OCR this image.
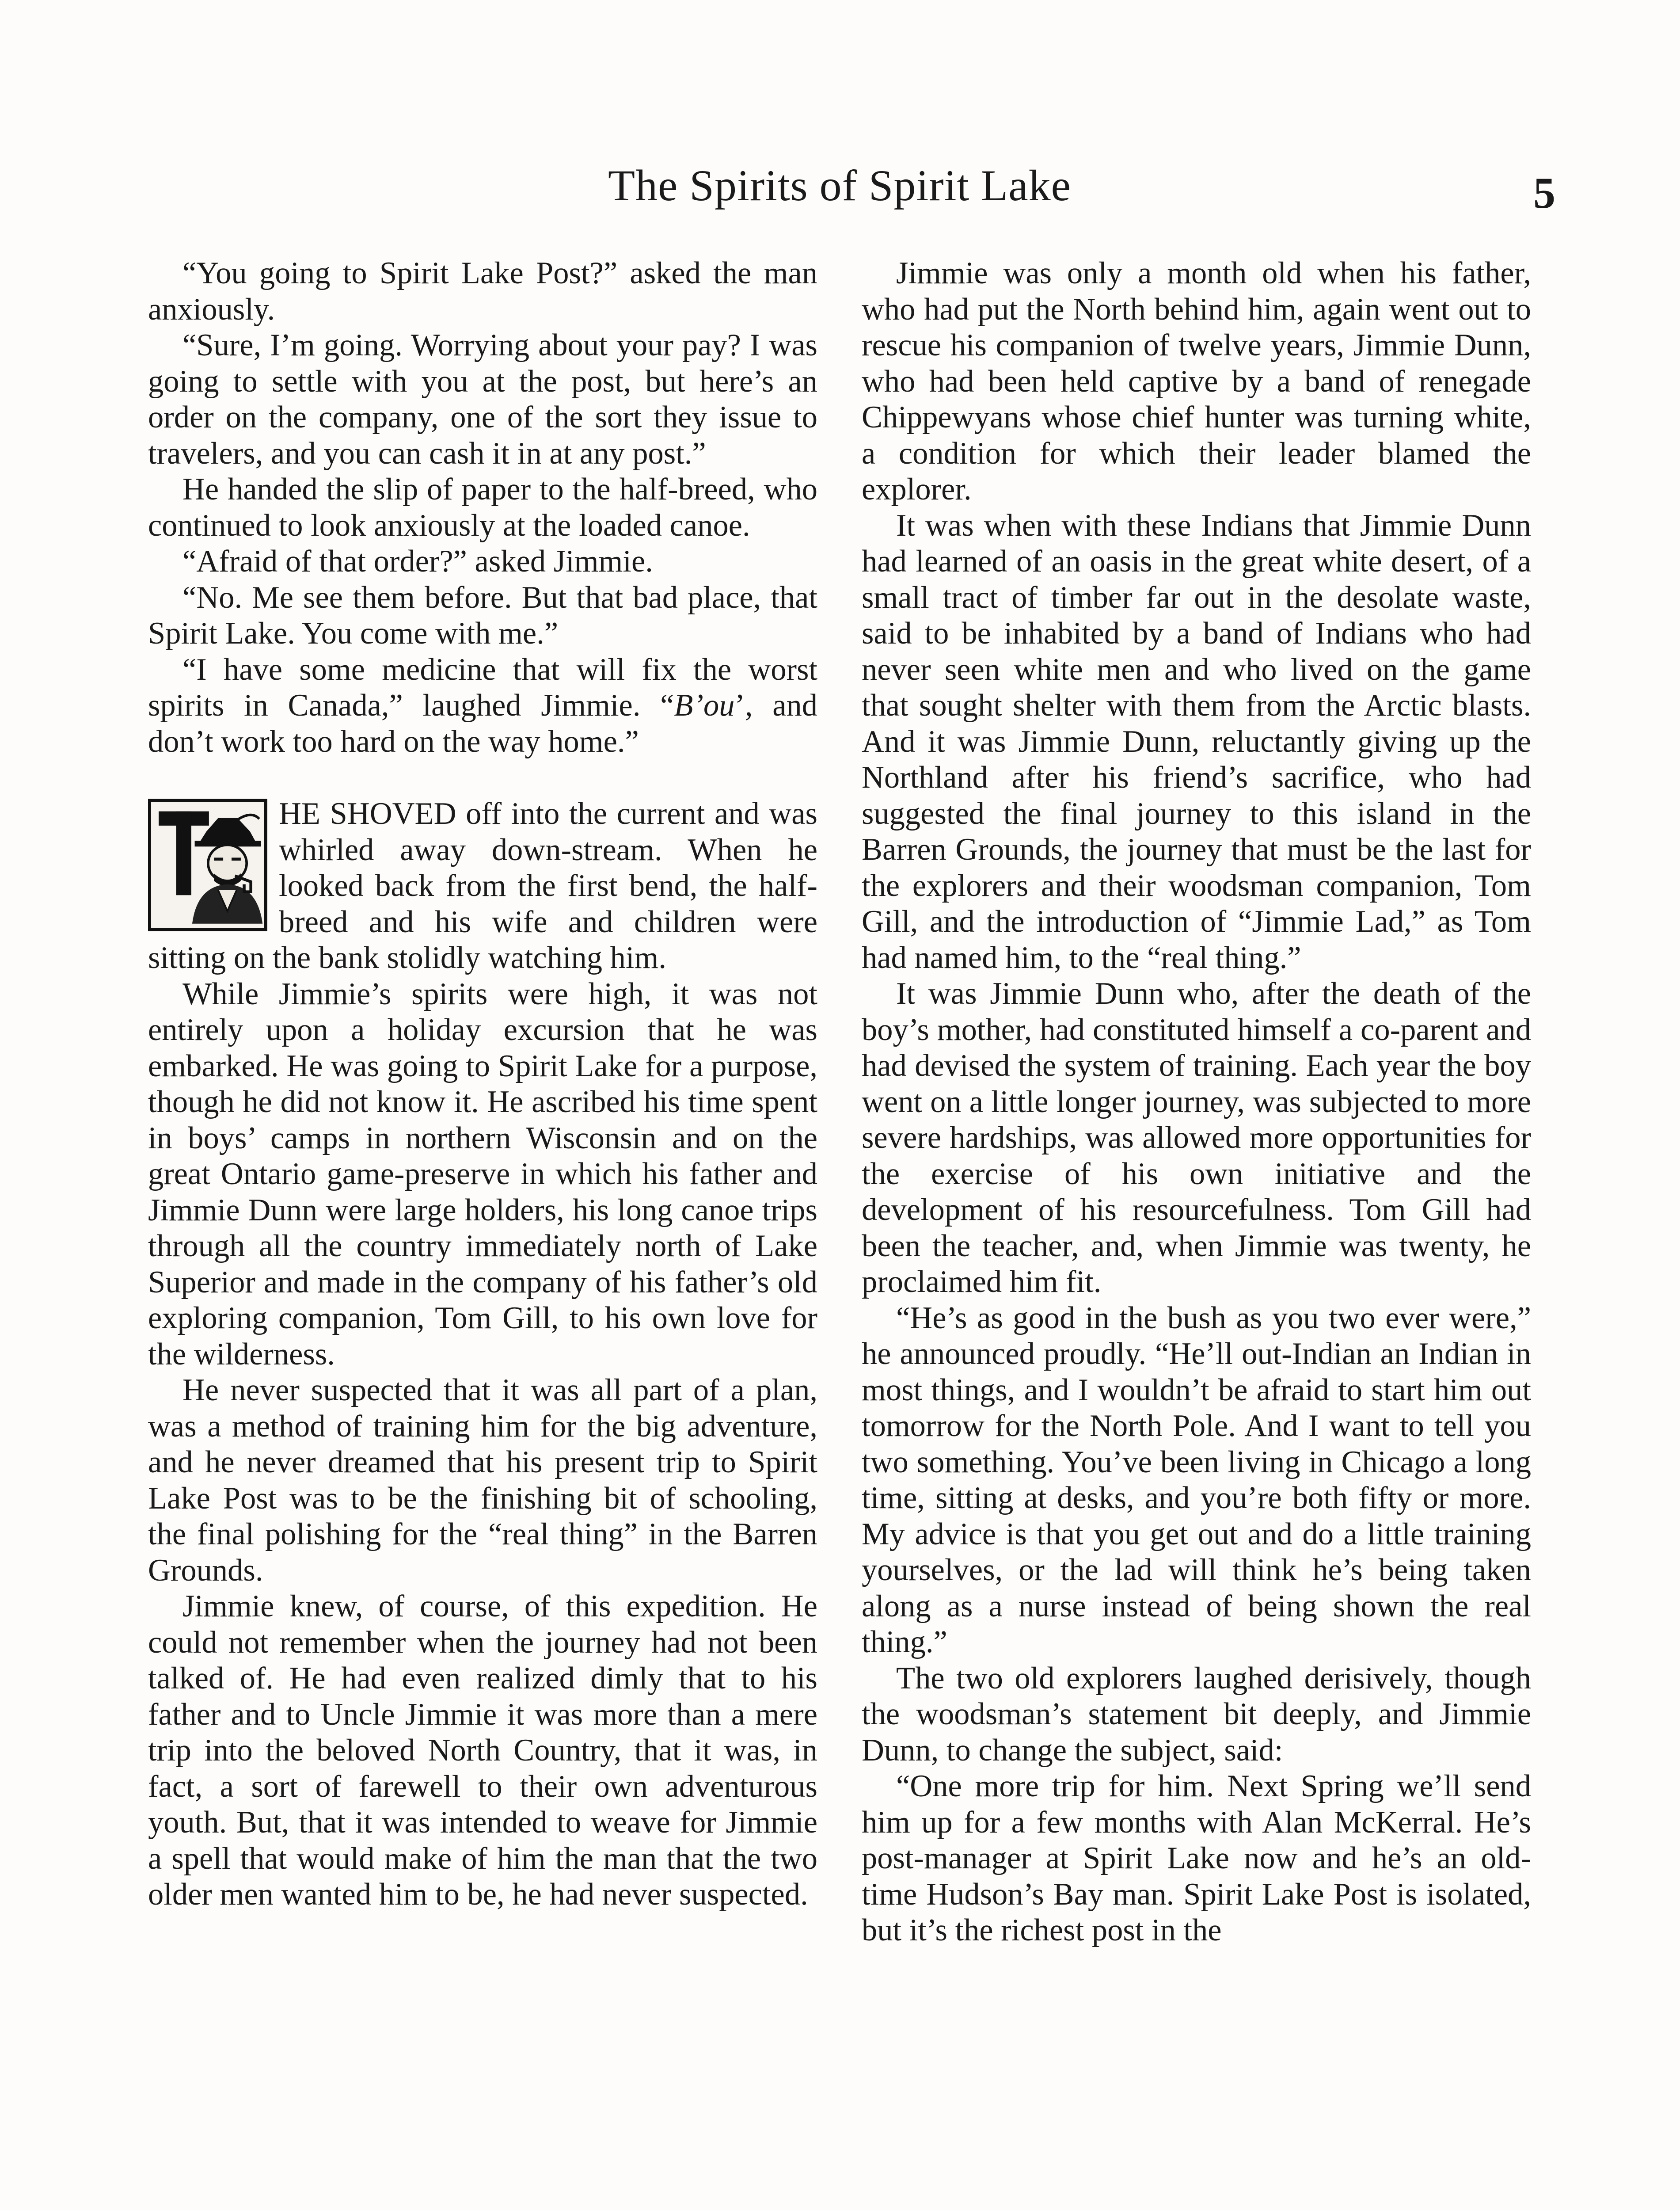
The Spirits of Spirit Lake	5

“You going to Spirit Lake Post?” asked the man anxiously.

“Sure, I’m going. Worrying about your pay? I was going to settle with you at the post, but here’s an order on the company, one of the sort they issue to travelers, and you can cash it in at any post.”

He handed the slip of paper to the half-breed, who continued to look anxiously at the loaded canoe.

“Afraid of that order?” asked Jimmie.

“No. Me see them before. But that bad place, that Spirit Lake. You come with me.”

“I have some medicine that will fix the worst spirits in Canada,” laughed Jimmie. “B’ou’, and don’t work too hard on the way home.”

HE SHOVED off into the current and was whirled away down-stream. When he looked back from the first bend, the half-breed and his wife and children were sitting on the bank stolidly watching him.

While Jimmie’s spirits were high, it was not entirely upon a holiday excursion that he was embarked. He was going to Spirit Lake for a purpose, though he did not know it. He ascribed his time spent in boys’ camps in northern Wisconsin and on the great Ontario game-preserve in which his father and Jimmie Dunn were large holders, his long canoe trips through all the country immediately north of Lake Superior and made in the company of his father’s old exploring companion, Tom Gill, to his own love for the wilderness.

He never suspected that it was all part of a plan, was a method of training him for the big adventure, and he never dreamed that his present trip to Spirit Lake Post was to be the finishing bit of schooling, the final polishing for the “real thing” in the Barren Grounds.

Jimmie knew, of course, of this expedition. He could not remember when the journey had not been talked of. He had even realized dimly that to his father and to Uncle Jimmie it was more than a mere trip into the beloved North Country, that it was, in fact, a sort of farewell to their own adventurous youth. But, that it was intended to weave for Jimmie a spell that would make of him the man that the two older men wanted him to be, he had never suspected.

Jimmie was only a month old when his father, who had put the North behind him, again went out to rescue his companion of twelve years, Jimmie Dunn, who had been held captive by a band of renegade Chippewyans whose chief hunter was turning white, a condition for which their leader blamed the explorer.

It was when with these Indians that Jimmie Dunn had learned of an oasis in the great white desert, of a small tract of timber far out in the desolate waste, said to be inhabited by a band of Indians who had never seen white men and who lived on the game that sought shelter with them from the Arctic blasts. And it was Jimmie Dunn, reluctantly giving up the Northland after his friend’s sacrifice, who had suggested the final journey to this island in the Barren Grounds, the journey that must be the last for the explorers and their woodsman companion, Tom Gill, and the introduction of “Jimmie Lad,” as Tom had named him, to the “real thing.”

It was Jimmie Dunn who, after the death of the boy’s mother, had constituted himself a co-parent and had devised the system of training. Each year the boy went on a little longer journey, was subjected to more severe hardships, was allowed more opportunities for the exercise of his own initiative and the development of his resourcefulness. Tom Gill had been the teacher, and, when Jimmie was twenty, he proclaimed him fit.

“He’s as good in the bush as you two ever were,” he announced proudly. “He’ll out-Indian an Indian in most things, and I wouldn’t be afraid to start him out tomorrow for the North Pole. And I want to tell you two something. You’ve been living in Chicago a long time, sitting at desks, and you’re both fifty or more. My advice is that you get out and do a little training yourselves, or the lad will think he’s being taken along as a nurse instead of being shown the real thing.”

The two old explorers laughed derisively, though the woodsman’s statement bit deeply, and Jimmie Dunn, to change the subject, said:

“One more trip for him. Next Spring we’ll send him up for a few months with Alan McKerral. He’s post-manager at Spirit Lake now and he’s an old-time Hudson’s Bay man. Spirit Lake Post is isolated, but it’s the richest post in the
